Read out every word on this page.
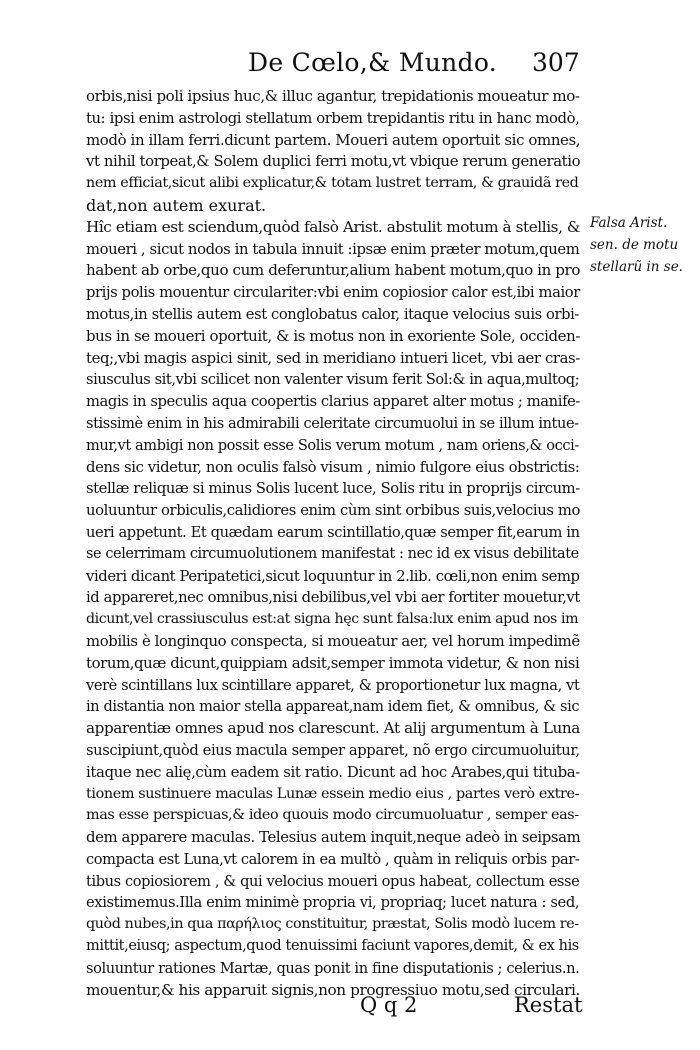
De Cœlo,& Mundo. 307
orbis,nisi poli ipsius huc,& illuc agantur, trepidationis moueatur mo-
tu: ipsi enim astrologi stellatum orbem trepidantis ritu in hanc modò,
modò in illam ferri.dicunt partem. Moueri autem oportuit sic omnes,
vt nihil torpeat,& Solem duplici ferri motu,vt vbique rerum generatio
nem efficiat,sicut alibi explicatur,& totam lustret terram, & grauidã red
dat,non autem exurat.
Hîc etiam est sciendum,quòd falsò Arist. abstulit motum à stellis, &
moueri , sicut nodos in tabula innuit :ipsæ enim præter motum,quem
habent ab orbe,quo cum deferuntur,alium habent motum,quo in pro
prijs polis mouentur circulariter:vbi enim copiosior calor est,ibi maior
motus,in stellis autem est conglobatus calor, itaque velocius suis orbi-
bus in se moueri oportuit, & is motus non in exoriente Sole, occiden-
teq;,vbi magis aspici sinit, sed in meridiano intueri licet, vbi aer cras-
siusculus sit,vbi scilicet non valenter visum ferit Sol:& in aqua,multoq;
magis in speculis aqua coopertis clarius apparet alter motus ; manife-
stissimè enim in his admirabili celeritate circumuolui in se illum intue-
mur,vt ambigi non possit esse Solis verum motum , nam oriens,& occi-
dens sic videtur, non oculis falsò visum , nimio fulgore eius obstrictis:
stellæ reliquæ si minus Solis lucent luce, Solis ritu in proprijs circum-
uoluuntur orbiculis,calidiores enim cùm sint orbibus suis,velocius mo
ueri appetunt. Et quædam earum scintillatio,quæ semper fit,earum in
se celerrimam circumuolutionem manifestat : nec id ex visus debilitate
videri dicant Peripatetici,sicut loquuntur in 2.lib. cœli,non enim semp
id appareret,nec omnibus,nisi debilibus,vel vbi aer fortiter mouetur,vt
dicunt,vel crassiusculus est:at signa hęc sunt falsa:lux enim apud nos im
mobilis è longinquo conspecta, si moueatur aer, vel horum impedimẽ
torum,quæ dicunt,quippiam adsit,semper immota videtur, & non nisi
verè scintillans lux scintillare apparet, & proportionetur lux magna, vt
in distantia non maior stella appareat,nam idem fiet, & omnibus, & sic
apparentiæ omnes apud nos clarescunt. At alij argumentum à Luna
suscipiunt,quòd eius macula semper apparet, nõ ergo circumuoluitur,
itaque nec alię,cùm eadem sit ratio. Dicunt ad hoc Arabes,qui tituba-
tionem sustinuere maculas Lunæ essein medio eius , partes verò extre-
mas esse perspicuas,& ideo quouis modo circumuoluatur , semper eas-
dem apparere maculas. Telesius autem inquit,neque adeò in seipsam
compacta est Luna,vt calorem in ea multò , quàm in reliquis orbis par-
tibus copiosiorem , & qui velocius moueri opus habeat, collectum esse
existimemus.Illa enim minimè propria vi, propriaq; lucet natura : sed,
quòd nubes,in qua παρήλιος constituitur, præstat, Solis modò lucem re-
mittit,eiusq; aspectum,quod tenuissimi faciunt vapores,demit, & ex his
soluuntur rationes Martæ, quas ponit in fine disputationis ; celerius.n.
mouentur,& his apparuit signis,non progressiuo motu,sed circulari.
Falsa Arist.
sen. de motu
stellarũ in se.
Q q 2	Restat
